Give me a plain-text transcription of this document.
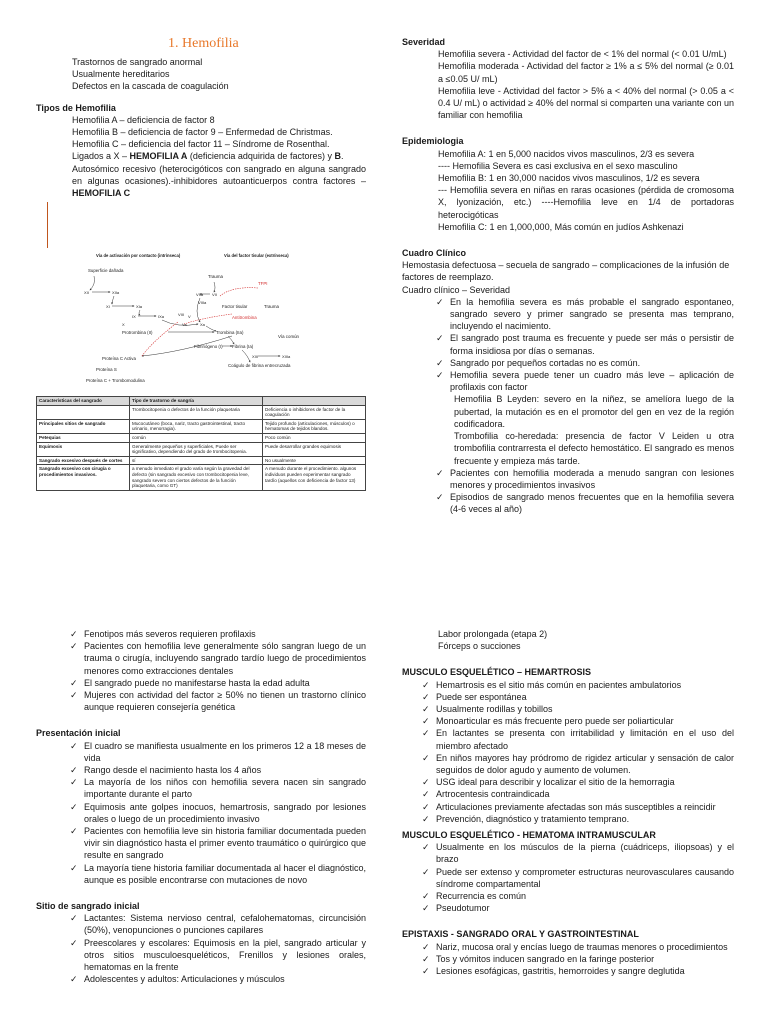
1. Hemofilia

Trastornos de sangrado anormal

Usualmente hereditarios

Defectos en la cascada de coagulación

Tipos de Hemofilia

Hemofilia A – deficiencia de factor 8

Hemofilia B – deficiencia de factor 9 – Enfermedad de Christmas.

Hemofilia C – deficiencia del factor 11 – Síndrome de Rosenthal.

Ligados a X – HEMOFILIA A (deficiencia adquirida de factores) y B.

Autosómico recesivo (heterocigóticos con sangrado en alguna sangrado en algunas ocasiones).-inhibidores autoanticuerpos contra factores – HEMOFILIA C

Vía de activación por contacto (intrínseca)	Vía del factor tisular (extrínseca)
Superficie dañada
Trauma
Factor tisular	Trauma
Protrombina (II)	Trombina (IIa)
Fibrinógeno (I) Fibrina (Ia)
Vía común
Coágulo de fibrina entrecruzada
Proteína C Activa
Proteína S
Proteína C + Trombomodulina
TFPI
Antitrombina
XII	XIIa
XI	XIa
IX	IXa	VIII
VIIIa
VII
VIIa
X	Xa
V
Va
XIII	XIIIa
Características del sangrado	Tipo de trastorno de sangría	
	Trombocitopenia o defectos de la función plaquetaria	Deficiencia o inhibidores de factor de la coagulación
Principales sitios de sangrado	Mucocutáneo (boca, nariz, tracto gastrointestinal, tracto urinario, menorragia).	Tejido profundo (articulaciones, músculos) o hematomas de tejidos blandos.
Petequias	común	Poco común
Equimosis	Generalmente pequeños y superficiales, Puede ser significativo, dependiendo del grado de trombocitopenia.	Puede desarrollar grandes equimosis
Sangrado excesivo después de cortes	sí	No usualmente
Sangrado excesivo con cirugía o procedimientos invasivos.	a menudo inmediato el grado varía según la gravedad del defecto (sin sangrado excesivo con trombocitopenia leve, sangrado severo con ciertos defectos de la función plaquetaria, como GT)	A menudo durante el procedimiento. algunos individuos pueden experimentar sangrado tardío (aquellos con deficiencia de factor 13)

Severidad

Hemofilia severa - Actividad del factor de < 1% del normal (< 0.01 U/mL)

Hemofilia moderada - Actividad del factor ≥ 1% a ≤ 5% del normal (≥ 0.01 a ≤0.05 U/ mL)

Hemofilia leve - Actividad del factor > 5% a < 40% del normal (> 0.05 a < 0.4 U/ mL) o actividad ≥ 40% del normal si comparten una variante con un familiar con hemofilia

Epidemiologia

Hemofilia A: 1 en 5,000 nacidos vivos masculinos, 2/3 es severa

---- Hemofilia Severa es casi exclusiva en el sexo masculino

Hemofilia B: 1 en 30,000 nacidos vivos masculinos, 1/2 es severa

--- Hemofilia severa en niñas en raras ocasiones (pérdida de cromosoma X, lyonización, etc.) ----Hemofilia leve en 1/4 de portadoras heterocigóticas

Hemofilia C: 1 en 1,000,000, Más común en judíos Ashkenazi

Cuadro Clínico

Hemostasia defectuosa – secuela de sangrado – complicaciones de la infusión de factores de reemplazo.

Cuadro clínico – Severidad

✓ En la hemofilia severa es más probable el sangrado espontaneo, sangrado severo y primer sangrado se presenta mas temprano, incluyendo el nacimiento.
✓ El sangrado post trauma es frecuente y puede ser más o persistir de forma insidiosa por días o semanas.
✓ Sangrado por pequeños cortadas no es común.
✓ Hemofilia severa puede tener un cuadro más leve – aplicación de profilaxis con factor

Hemofilia B Leyden: severo en la niñez, se amelíora luego de la pubertad, la mutación es en el promotor del gen en vez de la región codificadora.

Trombofilia co-heredada: presencia de factor V Leiden u otra trombofilia contrarresta el defecto hemostático. El sangrado es menos frecuente y empieza más tarde.

✓ Pacientes con hemofilia moderada a menudo sangran con lesiones menores y procedimientos invasivos
✓ Episodios de sangrado menos frecuentes que en la hemofilia severa (4-6 veces al año)
✓ Fenotipos más severos requieren profilaxis
✓ Pacientes con hemofilia leve generalmente sólo sangran luego de un trauma o cirugía, incluyendo sangrado tardío luego de procedimientos menores como extracciones dentales
✓ El sangrado puede no manifestarse hasta la edad adulta
✓ Mujeres con actividad del factor ≥ 50% no tienen un trastorno clínico aunque requieren consejería genética

Presentación inicial

✓ El cuadro se manifiesta usualmente en los primeros 12 a 18 meses de vida
✓ Rango desde el nacimiento hasta los 4 años
✓ La mayoría de los niños con hemofilia severa nacen sin sangrado importante durante el parto
✓ Equimosis ante golpes inocuos, hemartrosis, sangrado por lesiones orales o luego de un procedimiento invasivo
✓ Pacientes con hemofilia leve sin historia familiar documentada pueden vivir sin diagnóstico hasta el primer evento traumático o quirúrgico que resulte en sangrado
✓ La mayoría tiene historia familiar documentada al hacer el diagnóstico, aunque es posible encontrarse con mutaciones de novo

Sitio de sangrado inicial

✓ Lactantes: Sistema nervioso central, cefalohematomas, circuncisión (50%), venopunciones o punciones capilares
✓ Preescolares y escolares: Equimosis en la piel, sangrado articular y otros sitios musculoesqueléticos, Frenillos y lesiones orales, hematomas en la frente
✓ Adolescentes y adultos: Articulaciones y músculos

Labor prolongada (etapa 2)

Fórceps o succiones

MUSCULO ESQUELÉTICO – HEMARTROSIS

✓ Hemartrosis es el sitio más común en pacientes ambulatorios
✓ Puede ser espontánea
✓ Usualmente rodillas y tobillos
✓ Monoarticular es más frecuente pero puede ser poliarticular
✓ En lactantes se presenta con irritabilidad y limitación en el uso del miembro afectado
✓ En niños mayores hay pródromo de rigidez articular y sensación de calor seguidos de dolor agudo y aumento de volumen.
✓ USG ideal para describir y localizar el sitio de la hemorragia
✓ Artrocentesis contraindicada
✓ Articulaciones previamente afectadas son más susceptibles a reincidir
✓ Prevención, diagnóstico y tratamiento temprano.

MUSCULO ESQUELÉTICO - HEMATOMA INTRAMUSCULAR

✓ Usualmente en los músculos de la pierna (cuádriceps, iliopsoas) y el brazo
✓ Puede ser extenso y comprometer estructuras neurovasculares causando síndrome compartamental
✓ Recurrencia es común
✓ Pseudotumor

EPISTAXIS - SANGRADO ORAL Y GASTROINTESTINAL

✓ Nariz, mucosa oral y encías luego de traumas menores o procedimientos
✓ Tos y vómitos inducen sangrado en la faringe posterior
✓ Lesiones esofágicas, gastritis, hemorroides y sangre deglutida
